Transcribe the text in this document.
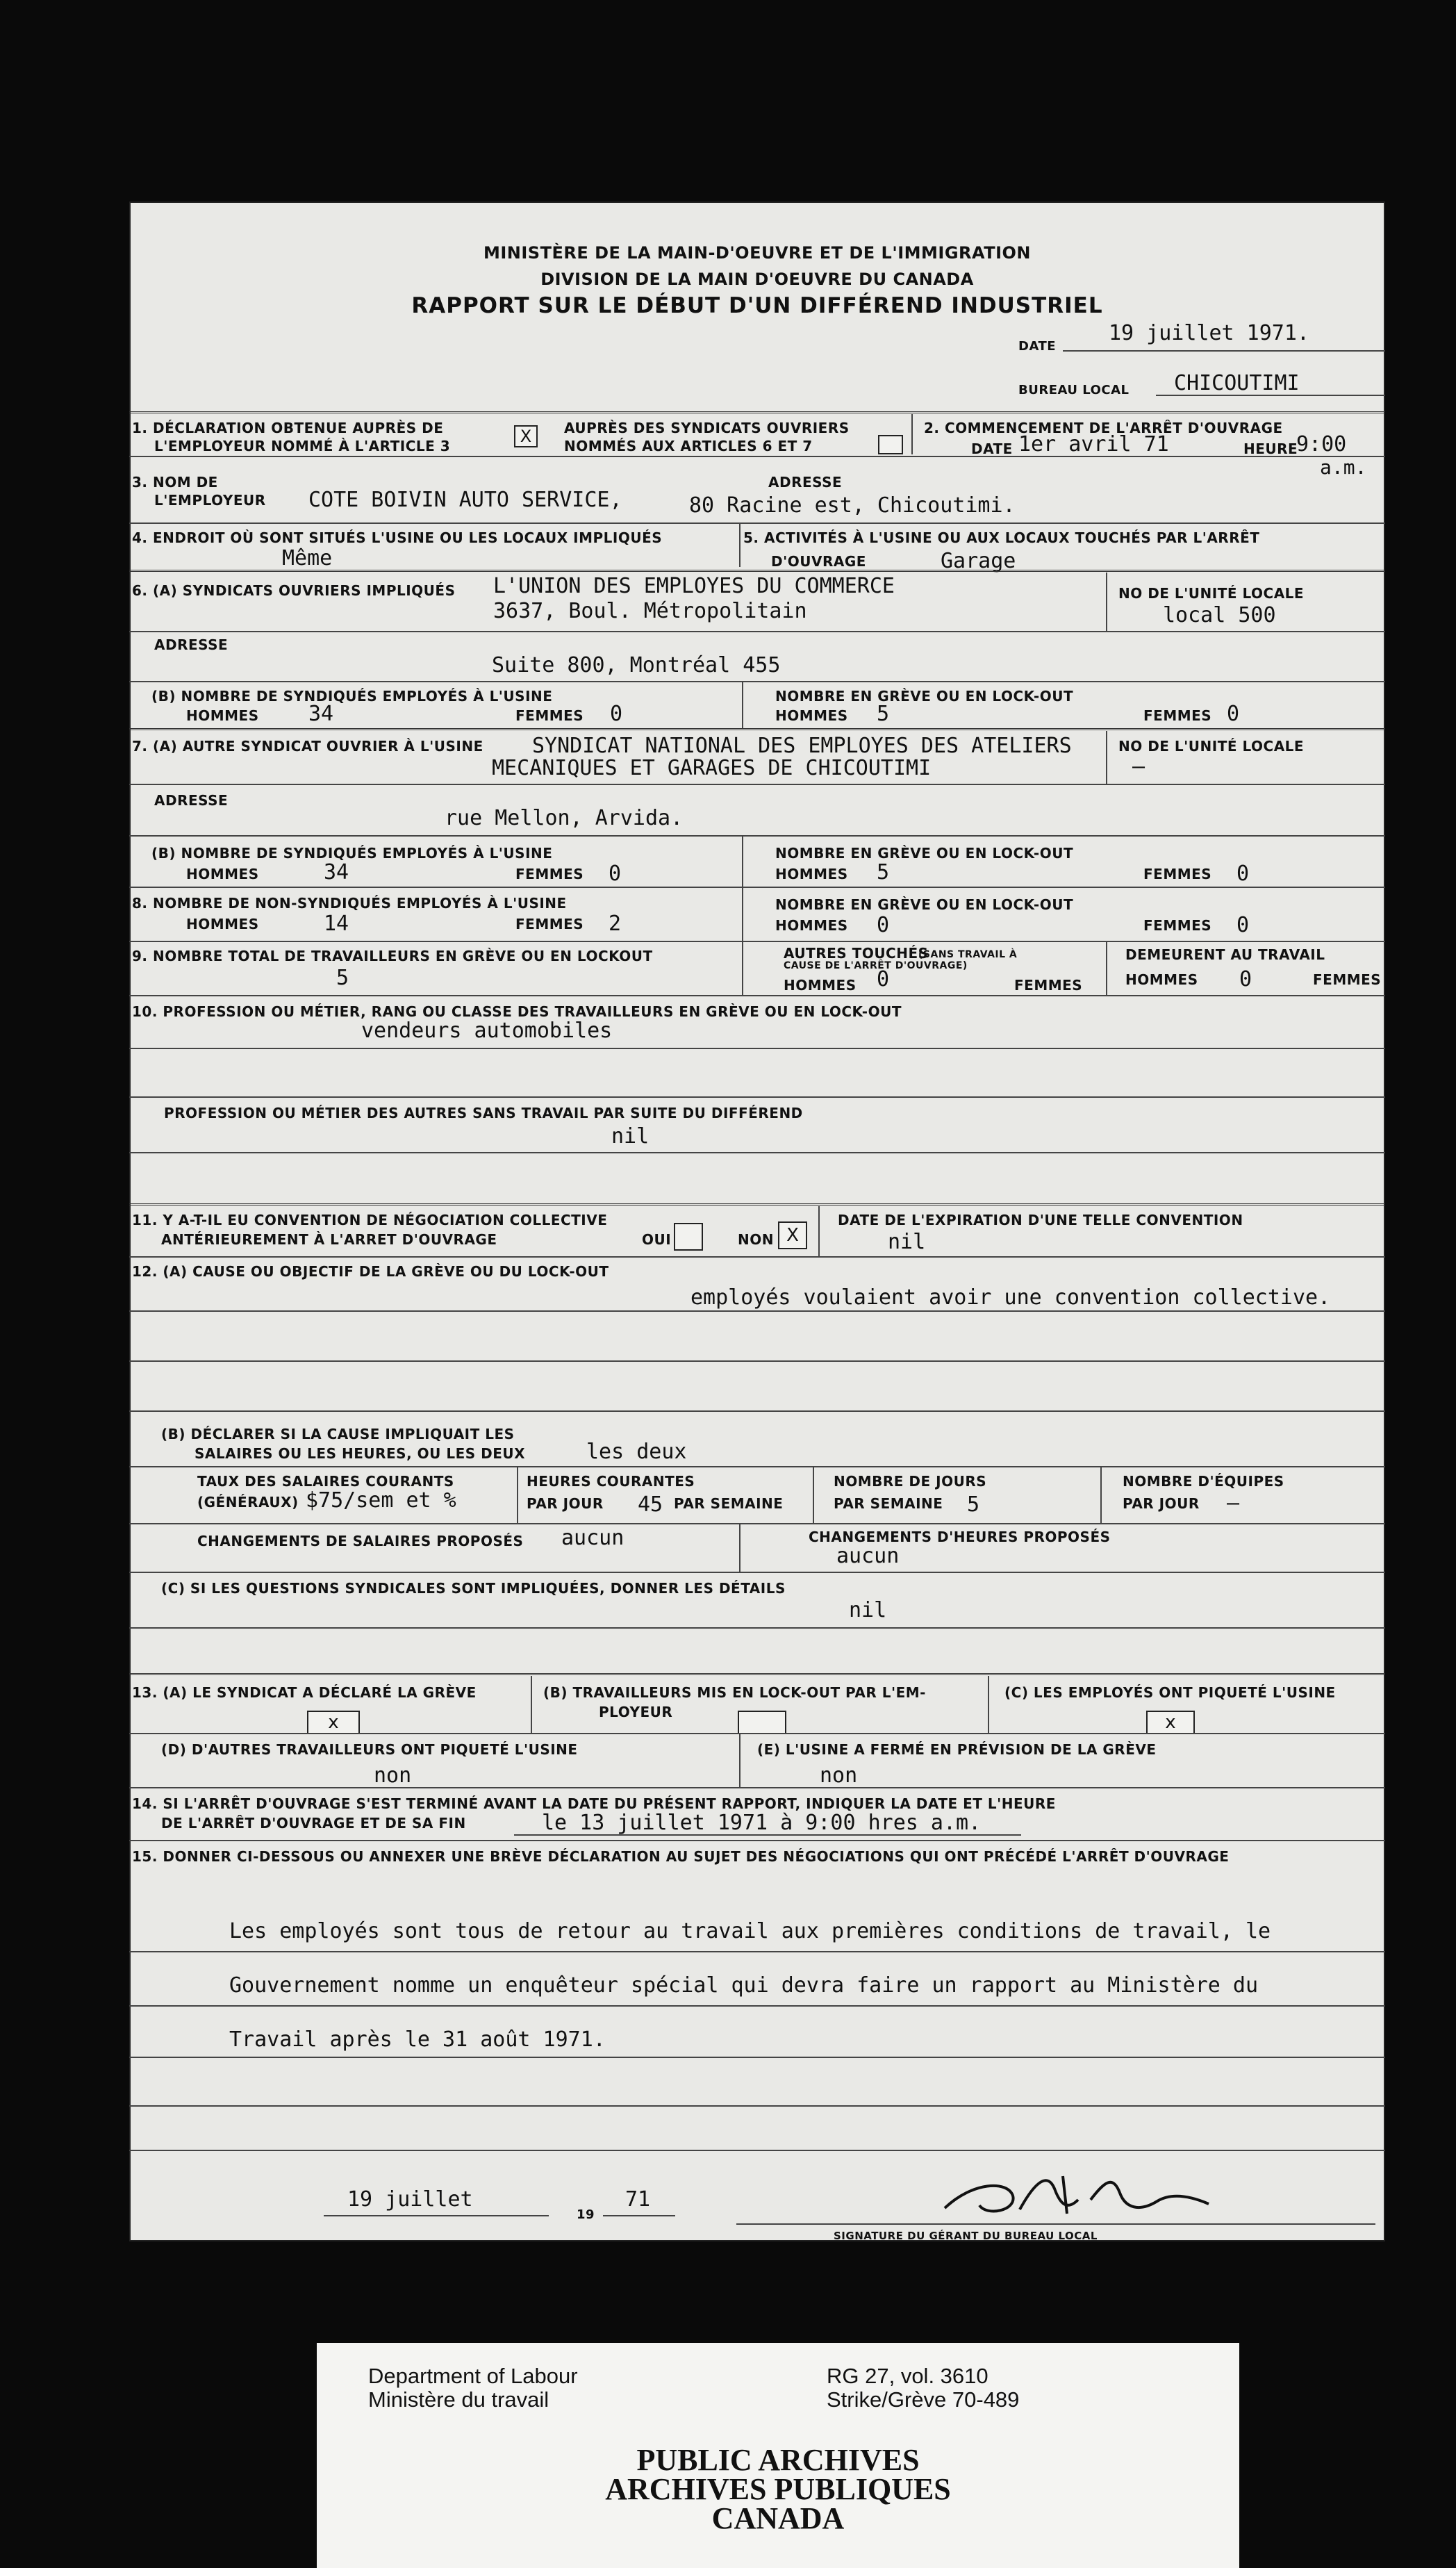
MINISTÈRE DE LA MAIN-D'OEUVRE ET DE L'IMMIGRATION
DIVISION DE LA MAIN D'OEUVRE DU CANADA
RAPPORT SUR LE DÉBUT D'UN DIFFÉREND INDUSTRIEL
DATE
19 juillet 1971.
BUREAU LOCAL CHICOUTIMI
1. DÉCLARATION OBTENUE AUPRÈS DE
L'EMPLOYEUR NOMMÉ À L'ARTICLE 3	X	AUPRÈS DES SYNDICATS OUVRIERS
NOMMÉS AUX ARTICLES 6 ET 7
2. COMMENCEMENT DE L'ARRÊT D'OUVRAGE
DATE 1er avril 71	HEURE
9:00
a.m.
3. NOM DE
L'EMPLOYEUR COTE BOIVIN AUTO SERVICE,
ADRESSE
80 Racine est, Chicoutimi.
4. ENDROIT OÙ SONT SITUÉS L'USINE OU LES LOCAUX IMPLIQUÉS
Même
5. ACTIVITÉS À L'USINE OU AUX LOCAUX TOUCHÉS PAR L'ARRÊT
D'OUVRAGE	Garage
6. (A) SYNDICATS OUVRIERS IMPLIQUÉS L'UNION DES EMPLOYES DU COMMERCE
3637, Boul. Métropolitain
NO DE L'UNITÉ LOCALE
local 500
ADRESSE
Suite 800, Montréal 455
(B) NOMBRE DE SYNDIQUÉS EMPLOYÉS À L'USINE
HOMMES 34	FEMMES 0
NOMBRE EN GRÈVE OU EN LOCK-OUT
HOMMES 5	FEMMES 0
7. (A) AUTRE SYNDICAT OUVRIER À L'USINE SYNDICAT NATIONAL DES EMPLOYES DES ATELIERS
MECANIQUES ET GARAGES DE CHICOUTIMI
NO DE L'UNITÉ LOCALE
—
ADRESSE
rue Mellon, Arvida.
(B) NOMBRE DE SYNDIQUÉS EMPLOYÉS À L'USINE
HOMMES	34	FEMMES 0
NOMBRE EN GRÈVE OU EN LOCK-OUT
HOMMES 5	FEMMES 0
8. NOMBRE DE NON-SYNDIQUÉS EMPLOYÉS À L'USINE
HOMMES	14	FEMMES 2
NOMBRE EN GRÈVE OU EN LOCK-OUT
HOMMES 0	FEMMES 0
9. NOMBRE TOTAL DE TRAVAILLEURS EN GRÈVE OU EN LOCKOUT
5
AUTRES TOUCHÉS
(SANS TRAVAIL À
CAUSE DE L'ARRÊT D'OUVRAGE)
HOMMES 0	FEMMES
DEMEURENT AU TRAVAIL
HOMMES 0	FEMMES
10. PROFESSION OU MÉTIER, RANG OU CLASSE DES TRAVAILLEURS EN GRÈVE OU EN LOCK-OUT
vendeurs automobiles
PROFESSION OU MÉTIER DES AUTRES SANS TRAVAIL PAR SUITE DU DIFFÉREND
nil
11. Y A-T-IL EU CONVENTION DE NÉGOCIATION COLLECTIVE
ANTÉRIEUREMENT À L'ARRET D'OUVRAGE	OUI	NON X
DATE DE L'EXPIRATION D'UNE TELLE CONVENTION
nil
12. (A) CAUSE OU OBJECTIF DE LA GRÈVE OU DU LOCK-OUT
employés voulaient avoir une convention collective.
(B) DÉCLARER SI LA CAUSE IMPLIQUAIT LES
SALAIRES OU LES HEURES, OU LES DEUX	les deux
TAUX DES SALAIRES COURANTS
(GÉNÉRAUX) $75/sem et %
HEURES COURANTES
PAR JOUR 45 PAR SEMAINE
NOMBRE DE JOURS
PAR SEMAINE 5
NOMBRE D'ÉQUIPES
PAR JOUR —
CHANGEMENTS DE SALAIRES PROPOSÉS aucun	CHANGEMENTS D'HEURES PROPOSÉS
aucun
(C) SI LES QUESTIONS SYNDICALES SONT IMPLIQUÉES, DONNER LES DÉTAILS
nil
13. (A) LE SYNDICAT A DÉCLARÉ LA GRÈVE
x
(B) TRAVAILLEURS MIS EN LOCK-OUT PAR L'EM-
PLOYEUR
(C) LES EMPLOYÉS ONT PIQUETÉ L'USINE
x
(D) D'AUTRES TRAVAILLEURS ONT PIQUETÉ L'USINE
non
(E) L'USINE A FERMÉ EN PRÉVISION DE LA GRÈVE
non
14. SI L'ARRÊT D'OUVRAGE S'EST TERMINÉ AVANT LA DATE DU PRÉSENT RAPPORT, INDIQUER LA DATE ET L'HEURE
DE L'ARRÊT D'OUVRAGE ET DE SA FIN	le 13 juillet 1971 à 9:00 hres a.m.
15. DONNER CI-DESSOUS OU ANNEXER UNE BRÈVE DÉCLARATION AU SUJET DES NÉGOCIATIONS QUI ONT PRÉCÉDÉ L'ARRÊT D'OUVRAGE
Les employés sont tous de retour au travail aux premières conditions de travail, le
Gouvernement nomme un enquêteur spécial qui devra faire un rapport au Ministère du
Travail après le 31 août 1971.
19 juillet
19
71
SIGNATURE DU GÉRANT DU BUREAU LOCAL
Department of Labour
Ministère du travail
RG 27, vol. 3610
Strike/Grève 70-489
PUBLIC ARCHIVES
ARCHIVES PUBLIQUES
CANADA
